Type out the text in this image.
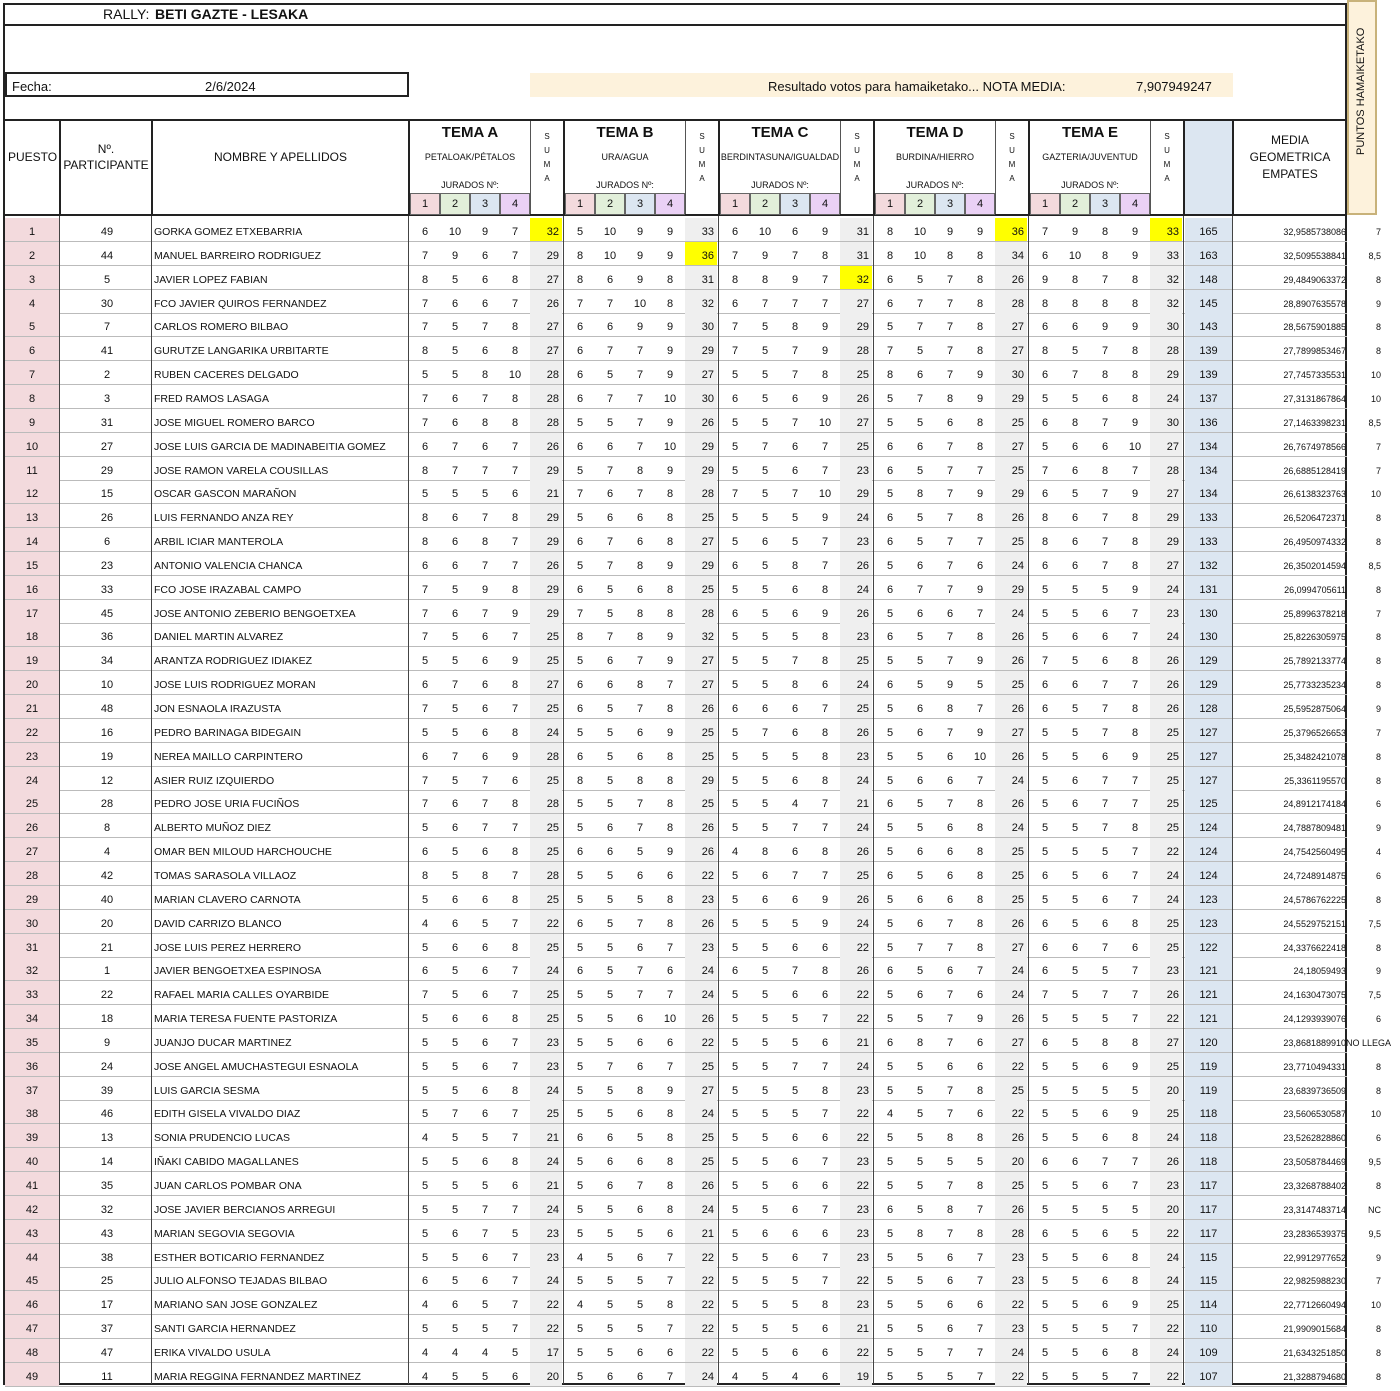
RALLY: BETI GAZTE - LESAKA
Fecha:	2/6/2024	Resultado votos para hamaiketako... NOTA MEDIA:	7,907949247	PUNTOS HAMAIKETAKO
PUESTO
Nº.
PARTICIPANTE
NOMBRE Y APELLIDOS
MEDIA
GEOMETRICA
EMPATES
TEMA A
PETALOAK/PÉTALOS
JURADOS Nº:
1	2	3	4
S
U
M
A
TEMA B
URA/AGUA
JURADOS Nº:
1	2	3	4
S
U
M
A
TEMA C
BERDINTASUNA/IGUALDAD
JURADOS Nº:
1	2	3	4
S
U
M
A
TEMA D
BURDINA/HIERRO
JURADOS Nº:
1	2	3	4
S
U
M
A
TEMA E
GAZTERIA/JUVENTUD
JURADOS Nº:
1	2	3	4
S
U
M
A
1	49	GORKA GOMEZ ETXEBARRIA	6	10	9	7	32	5	10	9	9	33	6	10	6	9	31	8	10	9	9	36	7	9	8	9	33	165	32,9585738086	7
2	44	MANUEL BARREIRO RODRIGUEZ	7	9	6	7	29	8	10	9	9	36	7	9	7	8	31	8	10	8	8	34	6	10	8	9	33	163	32,5095538841	8,5
3	5	JAVIER LOPEZ FABIAN	8	5	6	8	27	8	6	9	8	31	8	8	9	7	32	6	5	7	8	26	9	8	7	8	32	148	29,4849063372	8
4	30	FCO JAVIER QUIROS FERNANDEZ	7	6	6	7	26	7	7	10	8	32	6	7	7	7	27	6	7	7	8	28	8	8	8	8	32	145	28,8907635578	9
5	7	CARLOS ROMERO BILBAO	7	5	7	8	27	6	6	9	9	30	7	5	8	9	29	5	7	7	8	27	6	6	9	9	30	143	28,5675901885	8
6	41	GURUTZE LANGARIKA URBITARTE	8	5	6	8	27	6	7	7	9	29	7	5	7	9	28	7	5	7	8	27	8	5	7	8	28	139	27,7899853467	8
7	2	RUBEN CACERES DELGADO	5	5	8	10	28	6	5	7	9	27	5	5	7	8	25	8	6	7	9	30	6	7	8	8	29	139	27,7457335531	10
8	3	FRED RAMOS LASAGA	7	6	7	8	28	6	7	7	10	30	6	5	6	9	26	5	7	8	9	29	5	5	6	8	24	137	27,3131867864	10
9	31	JOSE MIGUEL ROMERO BARCO	7	6	8	8	28	5	5	7	9	26	5	5	7	10	27	5	5	6	8	25	6	8	7	9	30	136	27,1463398231	8,5
10	27	JOSE LUIS GARCIA DE MADINABEITIA GOMEZ	6	7	6	7	26	6	6	7	10	29	5	7	6	7	25	6	6	7	8	27	5	6	6	10	27	134	26,7674978566	7
11	29	JOSE RAMON VARELA COUSILLAS	8	7	7	7	29	5	7	8	9	29	5	5	6	7	23	6	5	7	7	25	7	6	8	7	28	134	26,6885128419	7
12	15	OSCAR GASCON MARAÑON	5	5	5	6	21	7	6	7	8	28	7	5	7	10	29	5	8	7	9	29	6	5	7	9	27	134	26,6138323763	10
13	26	LUIS FERNANDO ANZA REY	8	6	7	8	29	5	6	6	8	25	5	5	5	9	24	6	5	7	8	26	8	6	7	8	29	133	26,5206472371	8
14	6	ARBIL ICIAR MANTEROLA	8	6	8	7	29	6	7	6	8	27	5	6	5	7	23	6	5	7	7	25	8	6	7	8	29	133	26,4950974332	8
15	23	ANTONIO VALENCIA CHANCA	6	6	7	7	26	5	7	8	9	29	6	5	8	7	26	5	6	7	6	24	6	6	7	8	27	132	26,3502014594	8,5
16	33	FCO JOSE IRAZABAL CAMPO	7	5	9	8	29	6	5	6	8	25	5	5	6	8	24	6	7	7	9	29	5	5	5	9	24	131	26,0994705611	8
17	45	JOSE ANTONIO ZEBERIO BENGOETXEA	7	6	7	9	29	7	5	8	8	28	6	5	6	9	26	5	6	6	7	24	5	5	6	7	23	130	25,8996378218	7
18	36	DANIEL MARTIN ALVAREZ	7	5	6	7	25	8	7	8	9	32	5	5	5	8	23	6	5	7	8	26	5	6	6	7	24	130	25,8226305975	8
19	34	ARANTZA RODRIGUEZ IDIAKEZ	5	5	6	9	25	5	6	7	9	27	5	5	7	8	25	5	5	7	9	26	7	5	6	8	26	129	25,7892133774	8
20	10	JOSE LUIS RODRIGUEZ MORAN	6	7	6	8	27	6	6	8	7	27	5	5	8	6	24	6	5	9	5	25	6	6	7	7	26	129	25,7733235234	8
21	48	JON ESNAOLA IRAZUSTA	7	5	6	7	25	6	5	7	8	26	6	6	6	7	25	5	6	8	7	26	6	5	7	8	26	128	25,5952875064	9
22	16	PEDRO BARINAGA BIDEGAIN	5	5	6	8	24	5	5	6	9	25	5	7	6	8	26	5	6	7	9	27	5	5	7	8	25	127	25,3796526653	7
23	19	NEREA MAILLO CARPINTERO	6	7	6	9	28	6	5	6	8	25	5	5	5	8	23	5	5	6	10	26	5	5	6	9	25	127	25,3482421078	8
24	12	ASIER RUIZ IZQUIERDO	7	5	7	6	25	8	5	8	8	29	5	5	6	8	24	5	6	6	7	24	5	6	7	7	25	127	25,3361195570	8
25	28	PEDRO JOSE URIA FUCIÑOS	7	6	7	8	28	5	5	7	8	25	5	5	4	7	21	6	5	7	8	26	5	6	7	7	25	125	24,8912174184	6
26	8	ALBERTO MUÑOZ DIEZ	5	6	7	7	25	5	6	7	8	26	5	5	7	7	24	5	5	6	8	24	5	5	7	8	25	124	24,7887809481	9
27	4	OMAR BEN MILOUD HARCHOUCHE	6	5	6	8	25	6	6	5	9	26	4	8	6	8	26	5	6	6	8	25	5	5	5	7	22	124	24,7542560495	4
28	42	TOMAS SARASOLA VILLAOZ	8	5	8	7	28	5	5	6	6	22	5	6	7	7	25	6	5	6	8	25	6	5	6	7	24	124	24,7248914875	6
29	40	MARIAN CLAVERO CARNOTA	5	6	6	8	25	5	5	5	8	23	5	6	6	9	26	5	6	6	8	25	5	5	6	7	24	123	24,5786762225	8
30	20	DAVID CARRIZO BLANCO	4	6	5	7	22	6	5	7	8	26	5	5	5	9	24	5	6	7	8	26	6	5	6	8	25	123	24,5529752151	7,5
31	21	JOSE LUIS PEREZ HERRERO	5	6	6	8	25	5	5	6	7	23	5	5	6	6	22	5	7	7	8	27	6	6	7	6	25	122	24,3376622418	8
32	1	JAVIER BENGOETXEA ESPINOSA	6	5	6	7	24	6	5	7	6	24	6	5	7	8	26	6	5	6	7	24	6	5	5	7	23	121	24,18059493	9
33	22	RAFAEL MARIA CALLES OYARBIDE	7	5	6	7	25	5	5	7	7	24	5	5	6	6	22	5	6	7	6	24	7	5	7	7	26	121	24,1630473075	7,5
34	18	MARIA TERESA FUENTE PASTORIZA	5	6	6	8	25	5	5	6	10	26	5	5	5	7	22	5	5	7	9	26	5	5	5	7	22	121	24,1293939076	6
35	9	JUANJO DUCAR MARTINEZ	5	5	6	7	23	5	5	6	6	22	5	5	5	6	21	6	8	7	6	27	6	5	8	8	27	120	23,8681889910 NO LLEGA
36	24	JOSE ANGEL AMUCHASTEGUI ESNAOLA	5	5	6	7	23	5	7	6	7	25	5	5	7	7	24	5	5	6	6	22	5	5	6	9	25	119	23,7710494331	8
37	39	LUIS GARCIA SESMA	5	5	6	8	24	5	5	8	9	27	5	5	5	8	23	5	5	7	8	25	5	5	5	5	20	119	23,6839736509	8
38	46	EDITH GISELA VIVALDO DIAZ	5	7	6	7	25	5	5	6	8	24	5	5	5	7	22	4	5	7	6	22	5	5	6	9	25	118	23,5606530587	10
39	13	SONIA PRUDENCIO LUCAS	4	5	5	7	21	6	6	5	8	25	5	5	6	6	22	5	5	8	8	26	5	5	6	8	24	118	23,5262828860	6
40	14	IÑAKI CABIDO MAGALLANES	5	5	6	8	24	5	6	6	8	25	5	5	6	7	23	5	5	5	5	20	6	6	7	7	26	118	23,5058784469	9,5
41	35	JUAN CARLOS POMBAR ONA	5	5	5	6	21	5	6	7	8	26	5	5	6	6	22	5	5	7	8	25	5	5	6	7	23	117	23,3268788402	8
42	32	JOSE JAVIER BERCIANOS ARREGUI	5	5	7	7	24	5	5	6	8	24	5	5	6	7	23	6	5	8	7	26	5	5	5	5	20	117	23,3147483714	NC
43	43	MARIAN SEGOVIA SEGOVIA	5	6	7	5	23	5	5	5	6	21	5	6	6	6	23	5	8	7	8	28	6	5	6	5	22	117	23,2836539375	9,5
44	38	ESTHER BOTICARIO FERNANDEZ	5	5	6	7	23	4	5	6	7	22	5	5	6	7	23	5	5	6	7	23	5	5	6	8	24	115	22,9912977652	9
45	25	JULIO ALFONSO TEJADAS BILBAO	6	5	6	7	24	5	5	5	7	22	5	5	5	7	22	5	5	6	7	23	5	5	6	8	24	115	22,9825988230	7
46	17	MARIANO SAN JOSE GONZALEZ	4	6	5	7	22	4	5	5	8	22	5	5	5	8	23	5	5	6	6	22	5	5	6	9	25	114	22,7712660494	10
47	37	SANTI GARCIA HERNANDEZ	5	5	5	7	22	5	5	5	7	22	5	5	5	6	21	5	5	6	7	23	5	5	5	7	22	110	21,9909015684	8
48	47	ERIKA VIVALDO USULA	4	4	4	5	17	5	5	6	6	22	5	5	6	6	22	5	5	7	7	24	5	5	6	8	24	109	21,6343251850	8
49	11	MARIA REGGINA FERNANDEZ MARTINEZ	4	5	5	6	20	5	6	6	7	24	4	5	4	6	19	5	5	5	7	22	5	5	5	7	22	107	21,3288794680	8
